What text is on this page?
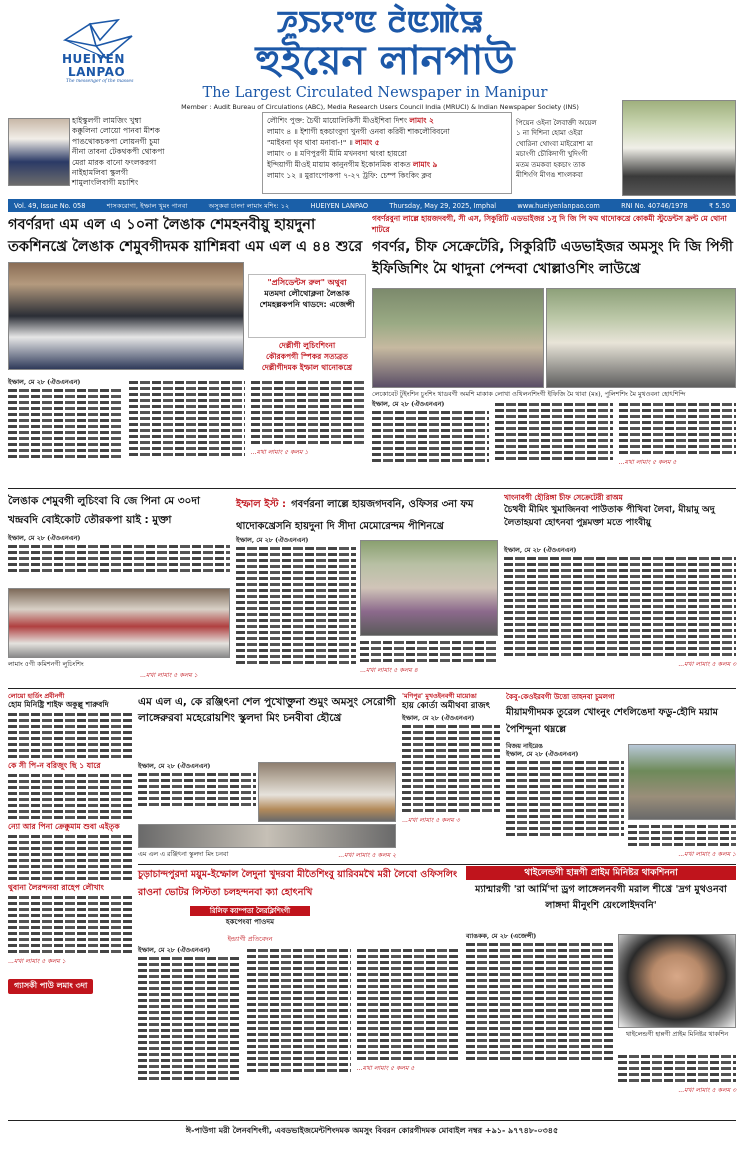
HUEIYEN
LANPAO
The messenger of the masses
ꯍꯨꯏꯌꯦꯟ ꯂꯥꯟꯄꯥꯎ
হুইয়েন লানপাউ
The Largest Circulated Newspaper in Manipur
Member : Audit Bureau of Circulations (ABC), Media Research Users Council India (MRUCI) & Indian Newspaper Society (INS)
হাইস্কুলগী লামজিং খুম্বা
কক্কুলিনা লোয়ো পানবা মীশক
পাঙথোকচকপা লোয়নগী চুমা
নীনা তাবনা টেকথকপী থোকপা
মেরা মারক বানো ফংলকরগা
নাইহামলিবা স্কুলগী
শামুলাংলিবাগী মচাশিং
লৌশিং পুক্ত: চৈথী মায়োলিকিসী মীওইশিবা দিশং
লামাং ২
লামাং ৪ ॥ ইশাগী হকচাংবুদা খুনগী ওনবা করিবী শাকলৌবিবনো
"মাইবনা থৃব থাবা মনাবা-!" ॥
লামাং ৫
লামাং ৩ ॥ মণিপুরগী মীমি মখনবদা ত্থংবা হায়রো
ইন্দিয়াগী মীওই মায়াম কানুনগীম ইকোনমিক বাকত
লামাং ৯
লামাং ১২ ॥ মুরাংপোকপা ৭-২৭ ট্রফি: চেম্প কিংকিং ক্লব
পিয়েন ওইনা লৈবাক্তী অয়েল
১ না দিশিনা হোমা ওইরা
খোরিনা থোংবা মাইরোশা মা
মচাংগী চৌকিদাগী খুদিংগী
মতম তমকবা হকচাং তাক
মীশিংগি মীগঙ শাংলকবা
Vol. 49, Issue No. 058	শাসকরোগা, ইম্ফাল খুমং পানবা	অসুকবা চাংদা লামাং মশিং: ১২	HUEIYEN LANPAO	Thursday, May 29, 2025, Imphal	www.hueiyenlanpao.com	RNI No. 40746/1978	₹ 5.50
গবর্ণরদা এম এল এ ১০না লৈঙাক শেমহনবীয়ু হায়দুনা তকশিনখ্রে লৈঙাক শেমুবগীদমক য়াশিন্নবা এম এল এ ৪৪ শুরে
"প্রসিডেন্টস রুল" অথুবা
মতমদা লৌথোক্লনা লৈঙাক শেমহল্লকপনি থাডদে: এজেন্সী
দেল্লীগী লুচিংশিংনা
কৌরকপগী স্পিকর সত্যব্রত
দেল্লীগীদমক ইম্ফাল থানোকখ্রে
ইম্ফাল, মে ২৮ (ঐওএনএন)
...মখা লামাং ৫ কলম ১
গবর্ণরবুনা লাল্লে হায়জদবগী, সী এস, সিকুরিটি এডভাইজর ১সু দি জি পি ফম থাদোকখ্রে কোকমী স্টুডেন্টস ফ্রন্ট মে থোনা শাটরে
গবর্ণর, চীফ সেক্রেটেরি, সিকুরিটি এডভাইজর অমসুং দি জি পিগী ইফিজিশিং মৈ থাদুনা পেন্দবা খোল্লাওশিং লাউখ্রে
লেকোবেট টুইংশিন চুংশিং থাডবগী অমশি মাকাক লোখা ওথিলনশিংগী ইফিজি মৈ থাবা (মঃ), পুলিশশিং মৈ মুথওবনা হোৎশিন্দি
ইম্ফাল, মে ২৮ (ঐওএনএন)
...মখা লামাং ৫ কলম ৫
লৈঙাক শেমুবগী লুচিংবা বি জে পিনা মে ৩০দা খন্দ্রবদি বোইকোট তৌরকপা য়াই : মুক্তা
ইম্ফাল, মে ২৮ (ঐওএনএন)
লামাং ৫গী কমিশনগী লুচিংশিং
...মখা লামাং ৫ কলম ১
ইম্ফাল ইস্ট : গবর্ণরনা লাল্লে হায়জগদবনি, ওফিসর ৩না ফম থাদোকখ্রেসনি হায়দুনা দি সীদা মেমোরেন্দম পীশিনখ্রে
ইম্ফাল, মে ২৮ (ঐওএনএন)
...মখা লামাং ৫ কলম ৪
খাংনাবগী হৌরিঙ্গা চীফ সেক্রেটেরী রাঅম
চৈথবী মীমিং খুমাজিনবা পাউতাক পীখিবা লৈবা, মীয়ামু অদু লৈতাহয়বা হোৎনবা পুম্নমক্তা মতে পাংবীয়ু
ইম্ফাল, মে ২৮ (ঐওএনএন)
...মখা লামাং ৫ কলম ৩
লোয়ো হার্ডিং প্রবীনগী
হোম মিনিষ্ট্রি শাইফ অকুল্লু শারুবদি
কে সী পি-ন বরিজুং ছি ১ যারে
ন্যো আর পিনা ক্রেক্কুমাম শুবা এইতৃক
থুবানা লৈরন্দনবা রাহেপ লৌখাং
...মখা লামাং ৫ কলম ১
গ্যাসকী পাউ লমাং ৩দা
এম এল এ, কে রঞ্জিৎনা শেল পুখোক্তুনা শুমুং অমসুং সেরোগী লাঙ্গেরুরবা মহেরোয়শিং স্কুলদা মিং চনবীবা হৌখ্রে
ইম্ফাল, মে ২৮ (ঐওএনএন)
এম এল এ রঞ্জিৎনা স্কুলদা মিং চনবা	...মখা লামাং ৫ কলম ২
'মণিপুর' মুখওইনবগী মায়োঙা
হায় কোর্তা অমীথবা রাজৎ
ইম্ফাল, মে ২৮ (ঐওএনএন)
...মখা লামাং ৫ কলম ৩
কৈবু-কেওইরবগী উত্তো তাহনবা চুমলগা
মীয়ামগীদমক তুরেল খোংনুং শেংলিঙেদা ফডু-হৌদি ময়াম পৈশিন্দুনা থম্নল্লে
বিজয় নাইরেঙ
ইম্ফাল, মে ২৮ (ঐওএনএন)
...মখা লামাং ৫ কলম ১
চুড়াচান্দপুরদা ময়ুম-ইম্ফোল লৈদুনা খুদরবা মীতৈশিংবু য়ারিবমখৈ মরী লৈবো ওফিসলিং রাওনা ভোটর লিস্টতা চলহন্দনবা ক্যা হোৎনখি
রিলিফ ক্যাম্পতা লৈরক্লিশিংগী
হকপেংবা পাওদম
ইন্ড্যাগী প্রতিবেদন
ইম্ফাল, মে ২৮ (ঐওএনএন)
...মখা লামাং ৫ কলম ৫
থাইলেন্ডগী হান্নগী প্রাইম মিনিষ্টর থাকশিননা
ম্যান্মারগী 'রা আর্মি'দা ড্রগ লাঙ্গেলনবগী মরাল শীখ্রে 'দ্রগ মুথওনবা লাঙ্গদা মীনুংশি য়েংলোইদবনি'
ব্যাঙকক, মে ২৮ (এজেন্সী)
থাইলেন্ডগী হান্নগী প্রাইম মিনিষ্টর থাকশিন
...মখা লামাং ৫ কলম ৩
ঈ-পাউগা মরী লৈনবশিংগী, এবডভাইজমেন্টশিংদমক অমসুং বিবরন কোরগীদমক মোবাইল নম্বর +৯১- ৯৭৭৪৮-০৩৪৫
